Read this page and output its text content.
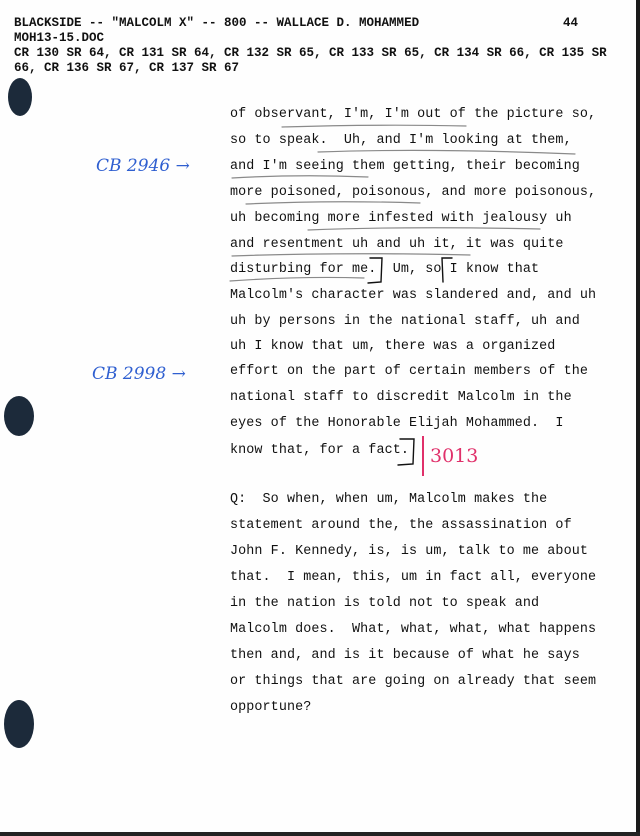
BLACKSIDE -- "MALCOLM X" -- 800 -- WALLACE D. MOHAMMED
MOH13-15.DOC
CR 130 SR 64, CR 131 SR 64, CR 132 SR 65, CR 133 SR 65, CR 134 SR 66, CR 135 SR
66, CR 136 SR 67, CR 137 SR 67
44
of observant, I'm, I'm out of the picture so,
so to speak.  Uh, and I'm looking at them,
and I'm seeing them getting, their becoming
more poisoned, poisonous, and more poisonous,
uh becoming more infested with jealousy uh
and resentment uh and uh it, it was quite
disturbing for me.  Um, so I know that
Malcolm's character was slandered and, and uh
uh by persons in the national staff, uh and
uh I know that um, there was a organized
effort on the part of certain members of the
national staff to discredit Malcolm in the
eyes of the Honorable Elijah Mohammed.  I
know that, for a fact.
Q:  So when, when um, Malcolm makes the
statement around the, the assassination of
John F. Kennedy, is, is um, talk to me about
that.  I mean, this, um in fact all, everyone
in the nation is told not to speak and
Malcolm does.  What, what, what, what happens
then and, and is it because of what he says
or things that are going on already that seem
opportune?
CB 2946 →
CB 2998 →
3013
